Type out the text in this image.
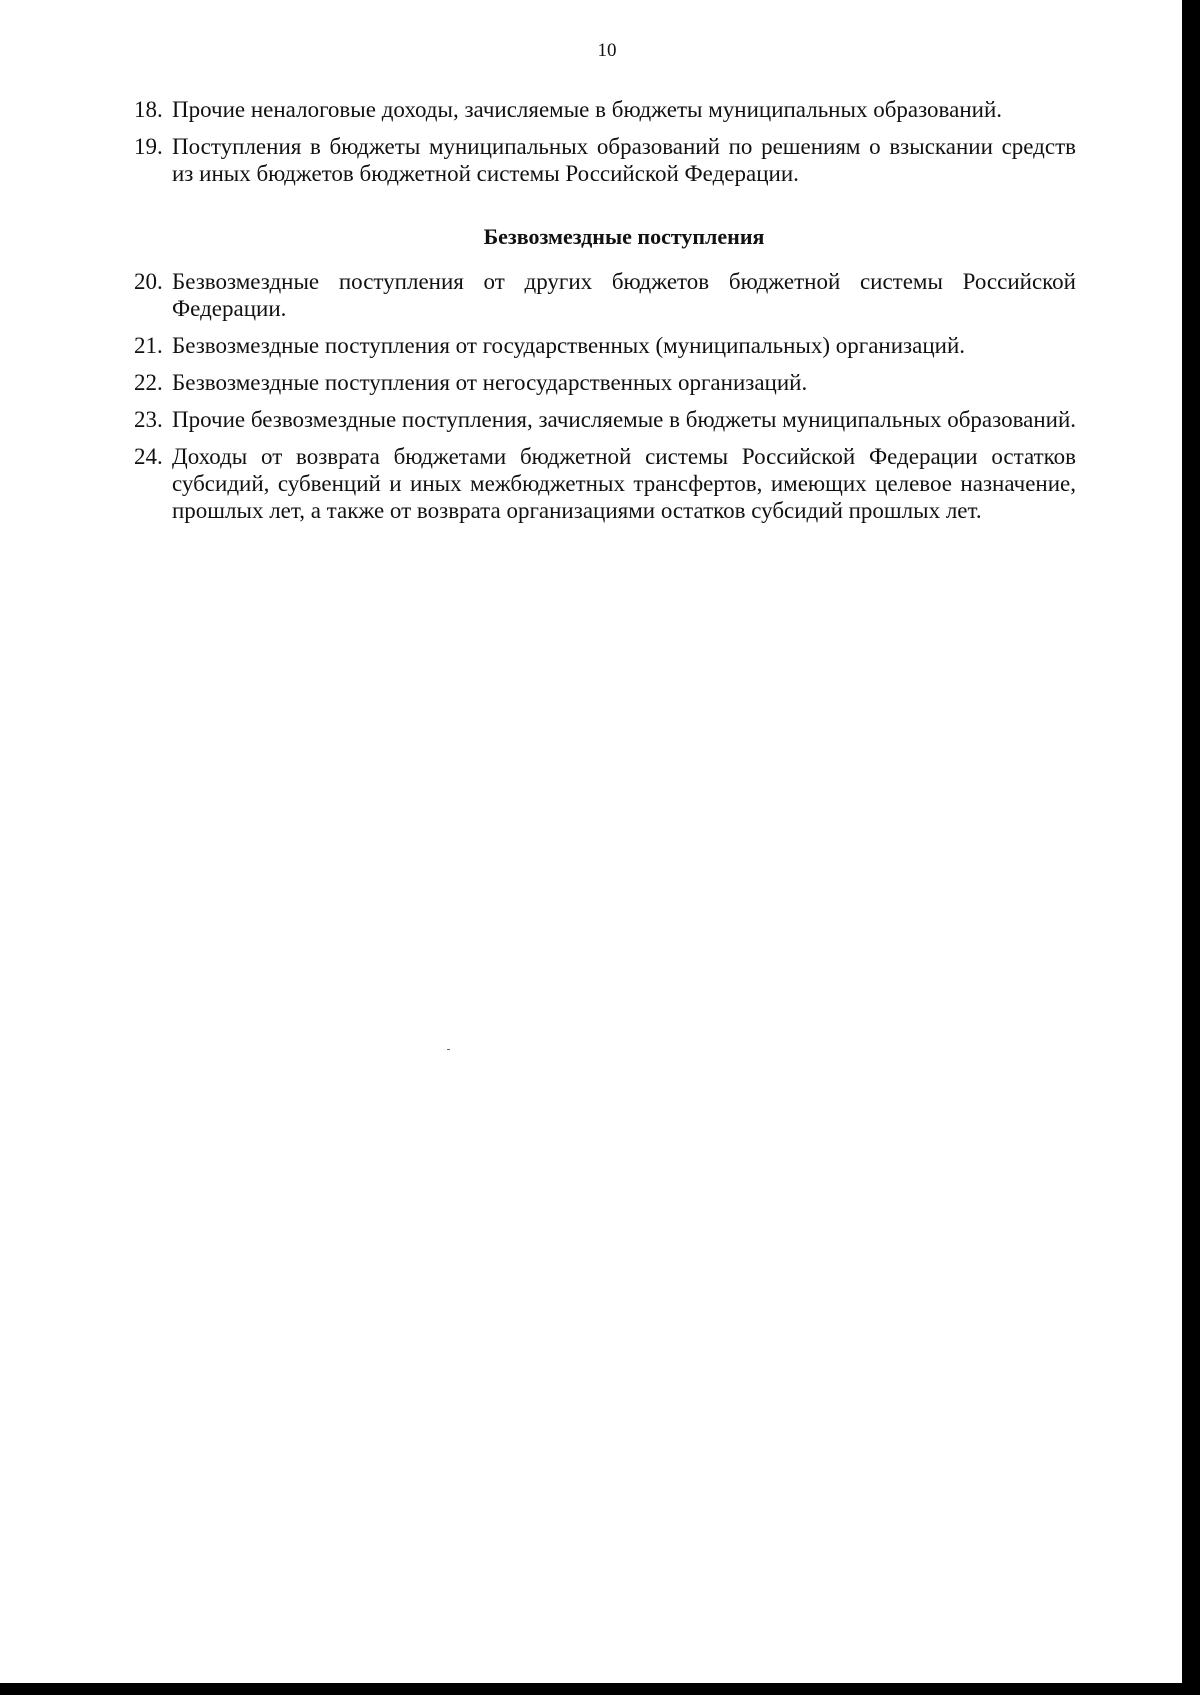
10
18. Прочие неналоговые доходы, зачисляемые в бюджеты муниципальных образований.
19. Поступления в бюджеты муниципальных образований по решениям о взыскании средств из иных бюджетов бюджетной системы Российской Федерации.
Безвозмездные поступления
20. Безвозмездные поступления от других бюджетов бюджетной системы Российской Федерации.
21. Безвозмездные поступления от государственных (муниципальных) организаций.
22. Безвозмездные поступления от негосударственных организаций.
23. Прочие безвозмездные поступления, зачисляемые в бюджеты муниципальных образований.
24. Доходы от возврата бюджетами бюджетной системы Российской Федерации остатков субсидий, субвенций и иных межбюджетных трансфертов, имеющих целевое назначение, прошлых лет, а также от возврата организациями остатков субсидий прошлых лет.
